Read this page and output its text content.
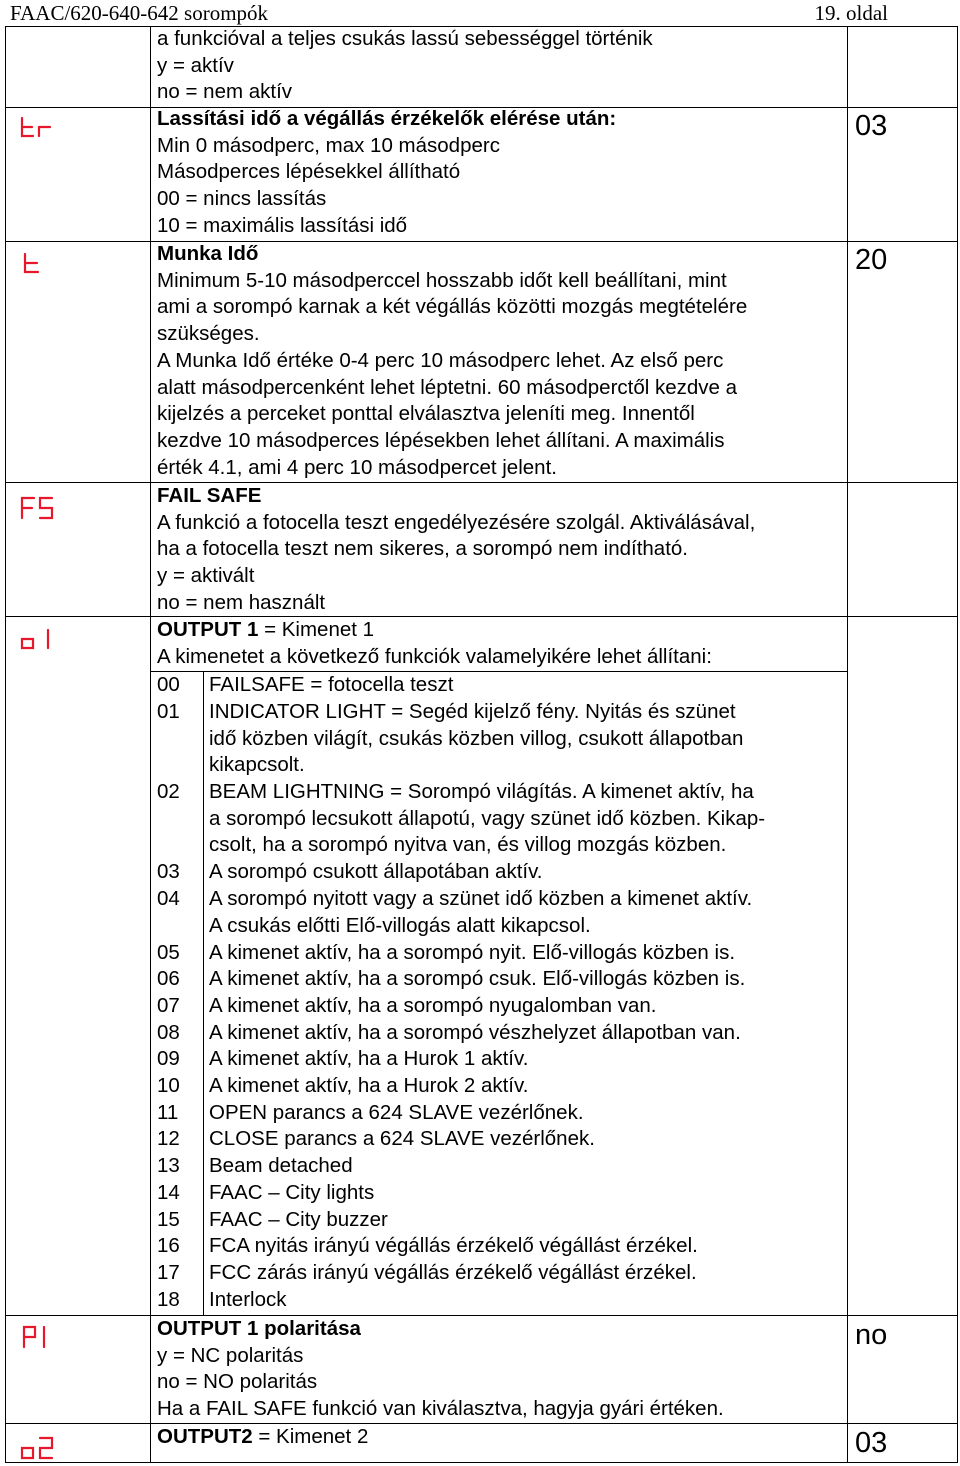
FAAC/620-640-642 sorompók	19. oldal
a funkcióval a teljes csukás lassú sebességgel történik
y = aktív
no = nem aktív
03
Lassítási idő a végállás érzékelők elérése után:
Min 0 másodperc, max 10 másodperc
Másodperces lépésekkel állítható
00 = nincs lassítás
10 = maximális lassítási idő
20
Munka Idő
Minimum 5-10 másodperccel hosszabb időt kell beállítani, mint
ami a sorompó karnak a két végállás közötti mozgás megtételére
szükséges.
A Munka Idő értéke 0-4 perc 10 másodperc lehet. Az első perc
alatt másodpercenként lehet léptetni. 60 másodperctől kezdve a
kijelzés a perceket ponttal elválasztva jeleníti meg. Innentől
kezdve 10 másodperces lépésekben lehet állítani. A maximális
érték 4.1, ami 4 perc 10 másodpercet jelent.
FAIL SAFE
A funkció a fotocella teszt engedélyezésére szolgál. Aktiválásával,
ha a fotocella teszt nem sikeres, a sorompó nem indítható.
y = aktivált
no = nem használt
OUTPUT 1 = Kimenet 1
A kimenetet a következő funkciók valamelyikére lehet állítani:
00 FAILSAFE = fotocella teszt
01 INDICATOR LIGHT = Segéd kijelző fény. Nyitás és szünet
idő közben világít, csukás közben villog, csukott állapotban
kikapcsolt.
02 BEAM LIGHTNING = Sorompó világítás. A kimenet aktív, ha
a sorompó lecsukott állapotú, vagy szünet idő közben. Kikap-
csolt, ha a sorompó nyitva van, és villog mozgás közben.
03 A sorompó csukott állapotában aktív.
04 A sorompó nyitott vagy a szünet idő közben a kimenet aktív.
A csukás előtti Elő-villogás alatt kikapcsol.
05 A kimenet aktív, ha a sorompó nyit. Elő-villogás közben is.
06 A kimenet aktív, ha a sorompó csuk. Elő-villogás közben is.
07 A kimenet aktív, ha a sorompó nyugalomban van.
08 A kimenet aktív, ha a sorompó vészhelyzet állapotban van.
09 A kimenet aktív, ha a Hurok 1 aktív.
10 A kimenet aktív, ha a Hurok 2 aktív.
11 OPEN parancs a 624 SLAVE vezérlőnek.
12 CLOSE parancs a 624 SLAVE vezérlőnek.
13 Beam detached
14 FAAC – City lights
15 FAAC – City buzzer
16 FCA nyitás irányú végállás érzékelő végállást érzékel.
17 FCC zárás irányú végállás érzékelő végállást érzékel.
18 Interlock
no
OUTPUT 1 polaritása
y = NC polaritás
no = NO polaritás
Ha a FAIL SAFE funkció van kiválasztva, hagyja gyári értéken.
03
OUTPUT2 = Kimenet 2
